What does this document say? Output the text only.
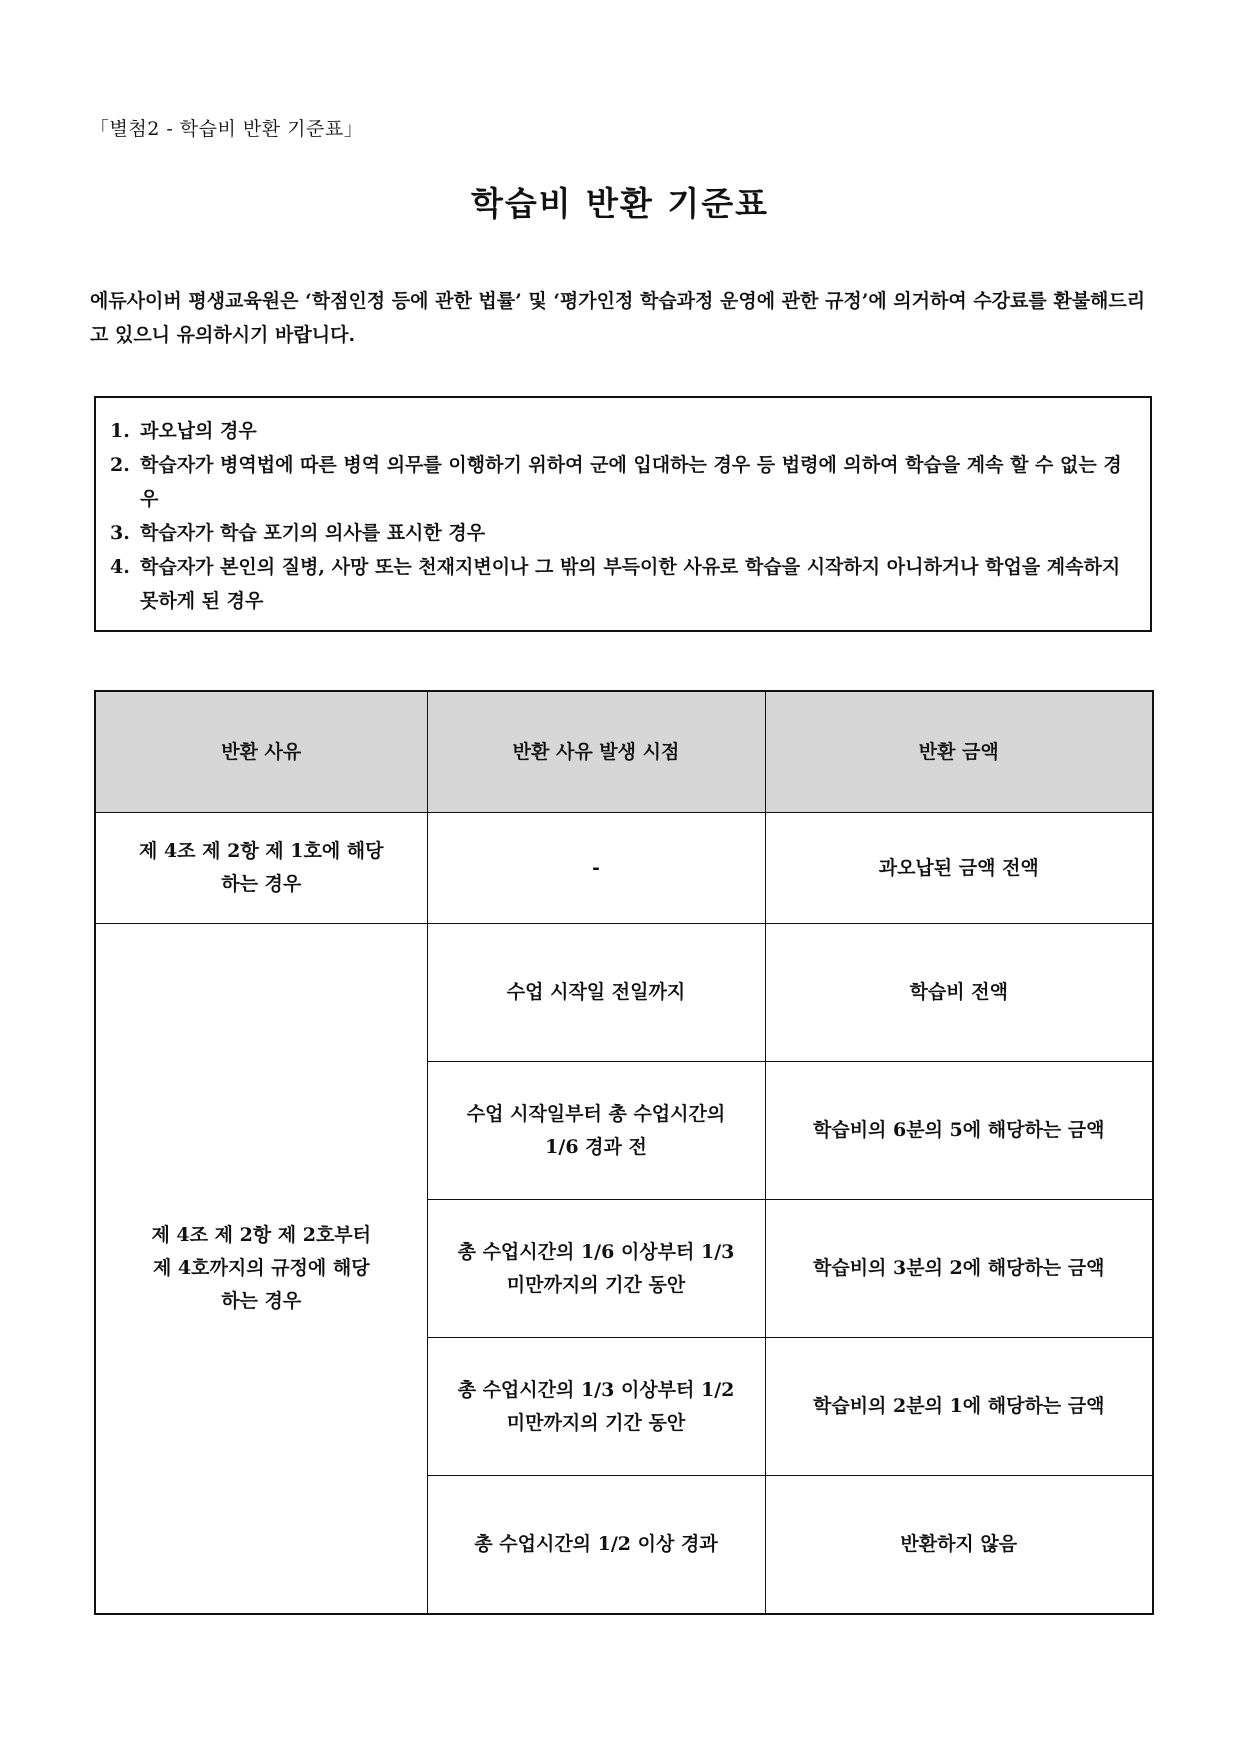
「별첨2 - 학습비 반환 기준표」
학습비 반환 기준표
에듀사이버 평생교육원은 ‘학점인정 등에 관한 법률’ 및 ‘평가인정 학습과정 운영에 관한 규정’에 의거하여 수강료를 환불해드리고 있으니 유의하시기 바랍니다.
1. 과오납의 경우
2. 학습자가 병역법에 따른 병역 의무를 이행하기 위하여 군에 입대하는 경우 등 법령에 의하여 학습을 계속 할 수 없는 경우
3. 학습자가 학습 포기의 의사를 표시한 경우
4. 학습자가 본인의 질병, 사망 또는 천재지변이나 그 밖의 부득이한 사유로 학습을 시작하지 아니하거나 학업을 계속하지 못하게 된 경우
반환 사유	반환 사유 발생 시점	반환 금액
제 4조 제 2항 제 1호에 해당하는 경우	-	과오납된 금액 전액
제 4조 제 2항 제 2호부터 제 4호까지의 규정에 해당하는 경우	수업 시작일 전일까지	학습비 전액
	수업 시작일부터 총 수업시간의 1/6 경과 전	학습비의 6분의 5에 해당하는 금액
	총 수업시간의 1/6 이상부터 1/3 미만까지의 기간 동안	학습비의 3분의 2에 해당하는 금액
	총 수업시간의 1/3 이상부터 1/2 미만까지의 기간 동안	학습비의 2분의 1에 해당하는 금액
	총 수업시간의 1/2 이상 경과	반환하지 않음
